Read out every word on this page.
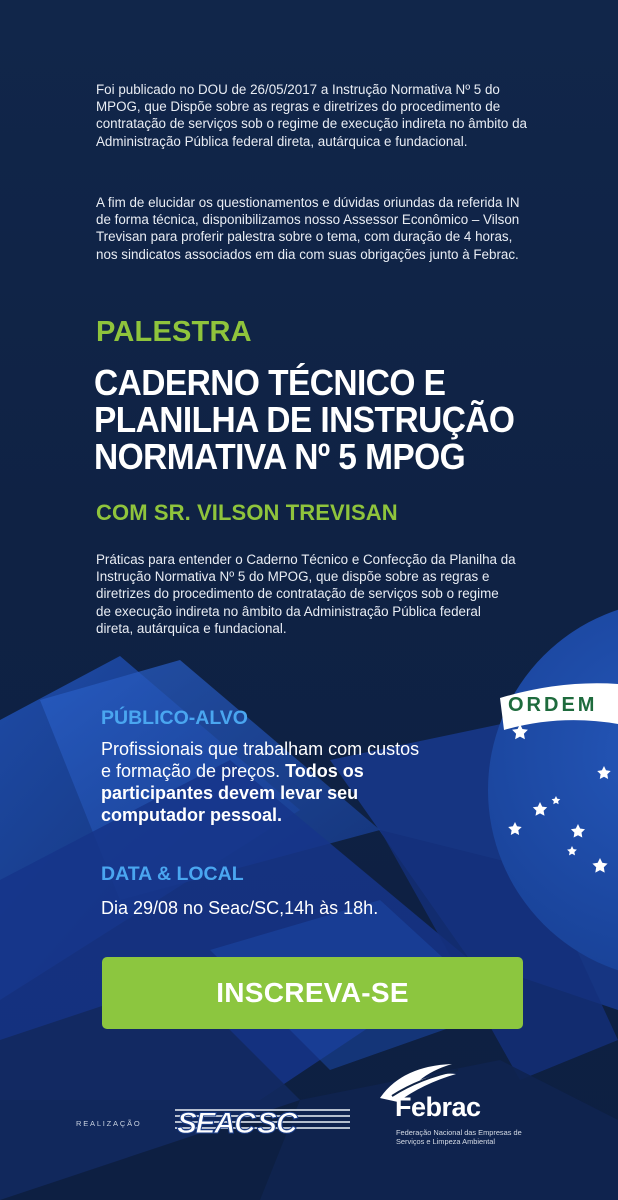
ORDEM

Foi publicado no DOU de 26/05/2017 a Instrução Normativa Nº 5 do MPOG, que Dispõe sobre as regras e diretrizes do procedimento de contratação de serviços sob o regime de execução indireta no âmbito da Administração Pública federal direta, autárquica e fundacional.

A fim de elucidar os questionamentos e dúvidas oriundas da referida IN de forma técnica, disponibilizamos nosso Assessor Econômico – Vilson Trevisan para proferir palestra sobre o tema, com duração de 4 horas, nos sindicatos associados em dia com suas obrigações junto à Febrac.

PALESTRA

CADERNO TÉCNICO E
PLANILHA DE INSTRUÇÃO
NORMATIVA Nº 5 MPOG

COM SR. VILSON TREVISAN

Práticas para entender o Caderno Técnico e Confecção da Planilha da Instrução Normativa Nº 5 do MPOG, que dispõe sobre as regras e diretrizes do procedimento de contratação de serviços sob o regime de execução indireta no âmbito da Administração Pública federal direta, autárquica e fundacional.

PÚBLICO-ALVO

Profissionais que trabalham com custos e formação de preços. Todos os participantes devem levar seu computador pessoal.

DATA & LOCAL

Dia 29/08 no Seac/SC,14h às 18h.

INSCREVA-SE

REALIZAÇÃO SEAC SC	Febrac

Federação Nacional das Empresas de Serviços e Limpeza Ambiental
